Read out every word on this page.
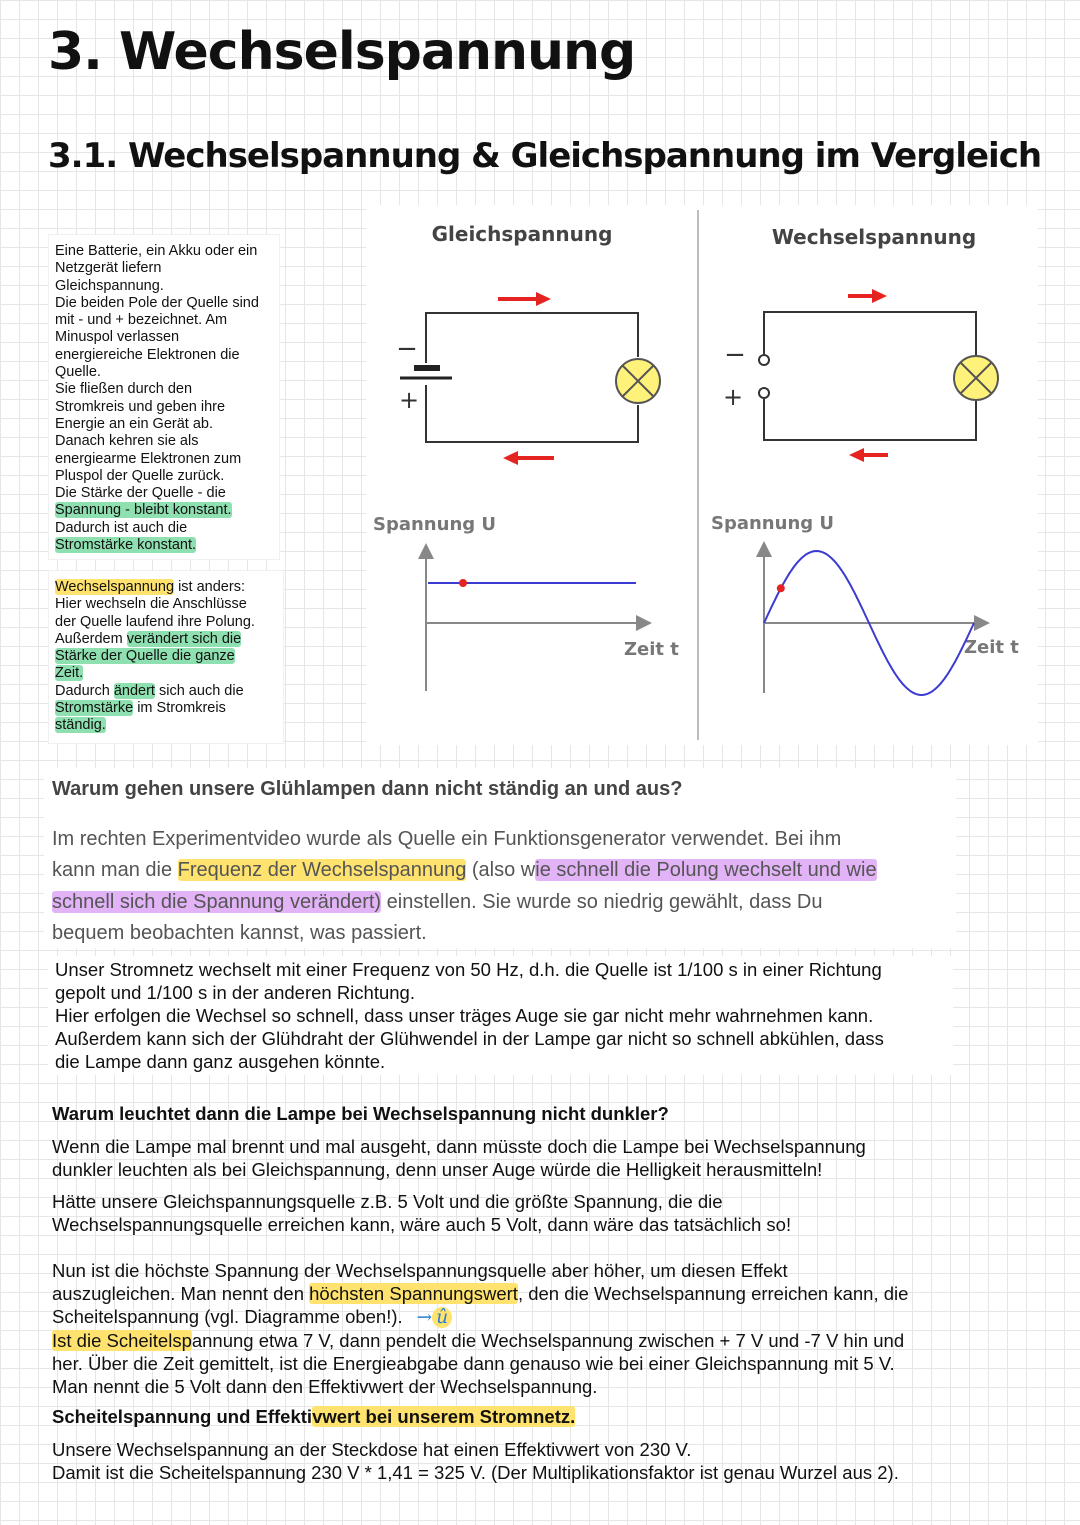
3. Wechselspannung
3.1. Wechselspannung & Gleichspannung im Vergleich

Eine Batterie, ein Akku oder ein

Netzgerät liefern

Gleichspannung.

Die beiden Pole der Quelle sind

mit - und + bezeichnet. Am

Minuspol verlassen

energiereiche Elektronen die

Quelle.

Sie fließen durch den

Stromkreis und geben ihre

Energie an ein Gerät ab.

Danach kehren sie als

energiearme Elektronen zum

Pluspol der Quelle zurück.

Die Stärke der Quelle - die

Spannung - bleibt konstant.

Dadurch ist auch die

Stromstärke konstant.

Wechselspannung ist anders:

Hier wechseln die Anschlüsse

der Quelle laufend ihre Polung.

Außerdem verändert sich die

Stärke der Quelle die ganze

Zeit.

Dadurch ändert sich auch die

Stromstärke im Stromkreis

ständig.

Gleichspannung	Wechselspannung
−
+
−
+
Spannung U
Zeit t
Spannung U
Zeit t
Warum gehen unsere Glühlampen dann nicht ständig an und aus?
Im rechten Experimentvideo wurde als Quelle ein Funktionsgenerator verwendet. Bei ihm
kann man die Frequenz der Wechselspannung (also wie schnell die Polung wechselt und wie
schnell sich die Spannung verändert) einstellen. Sie wurde so niedrig gewählt, dass Du
bequem beobachten kannst, was passiert.
Unser Stromnetz wechselt mit einer Frequenz von 50 Hz, d.h. die Quelle ist 1/100 s in einer Richtung
gepolt und 1/100 s in der anderen Richtung.
Hier erfolgen die Wechsel so schnell, dass unser träges Auge sie gar nicht mehr wahrnehmen kann.
Außerdem kann sich der Glühdraht der Glühwendel in der Lampe gar nicht so schnell abkühlen, dass
die Lampe dann ganz ausgehen könnte.
Warum leuchtet dann die Lampe bei Wechselspannung nicht dunkler?
Wenn die Lampe mal brennt und mal ausgeht, dann müsste doch die Lampe bei Wechselspannung
dunkler leuchten als bei Gleichspannung, denn unser Auge würde die Helligkeit herausmitteln!
Hätte unsere Gleichspannungsquelle z.B. 5 Volt und die größte Spannung, die die
Wechselspannungsquelle erreichen kann, wäre auch 5 Volt, dann wäre das tatsächlich so!
Nun ist die höchste Spannung der Wechselspannungsquelle aber höher, um diesen Effekt
auszugleichen. Man nennt den höchsten Spannungswert, den die Wechselspannung erreichen kann, die
Scheitelspannung (vgl. Diagramme oben!). → û
Ist die Scheitelspannung etwa 7 V, dann pendelt die Wechselspannung zwischen + 7 V und -7 V hin und
her. Über die Zeit gemittelt, ist die Energieabgabe dann genauso wie bei einer Gleichspannung mit 5 V.
Man nennt die 5 Volt dann den Effektivwert der Wechselspannung.
Scheitelspannung und Effektivwert bei unserem Stromnetz.
Unsere Wechselspannung an der Steckdose hat einen Effektivwert von 230 V.
Damit ist die Scheitelspannung 230 V * 1,41 = 325 V. (Der Multiplikationsfaktor ist genau Wurzel aus 2).
